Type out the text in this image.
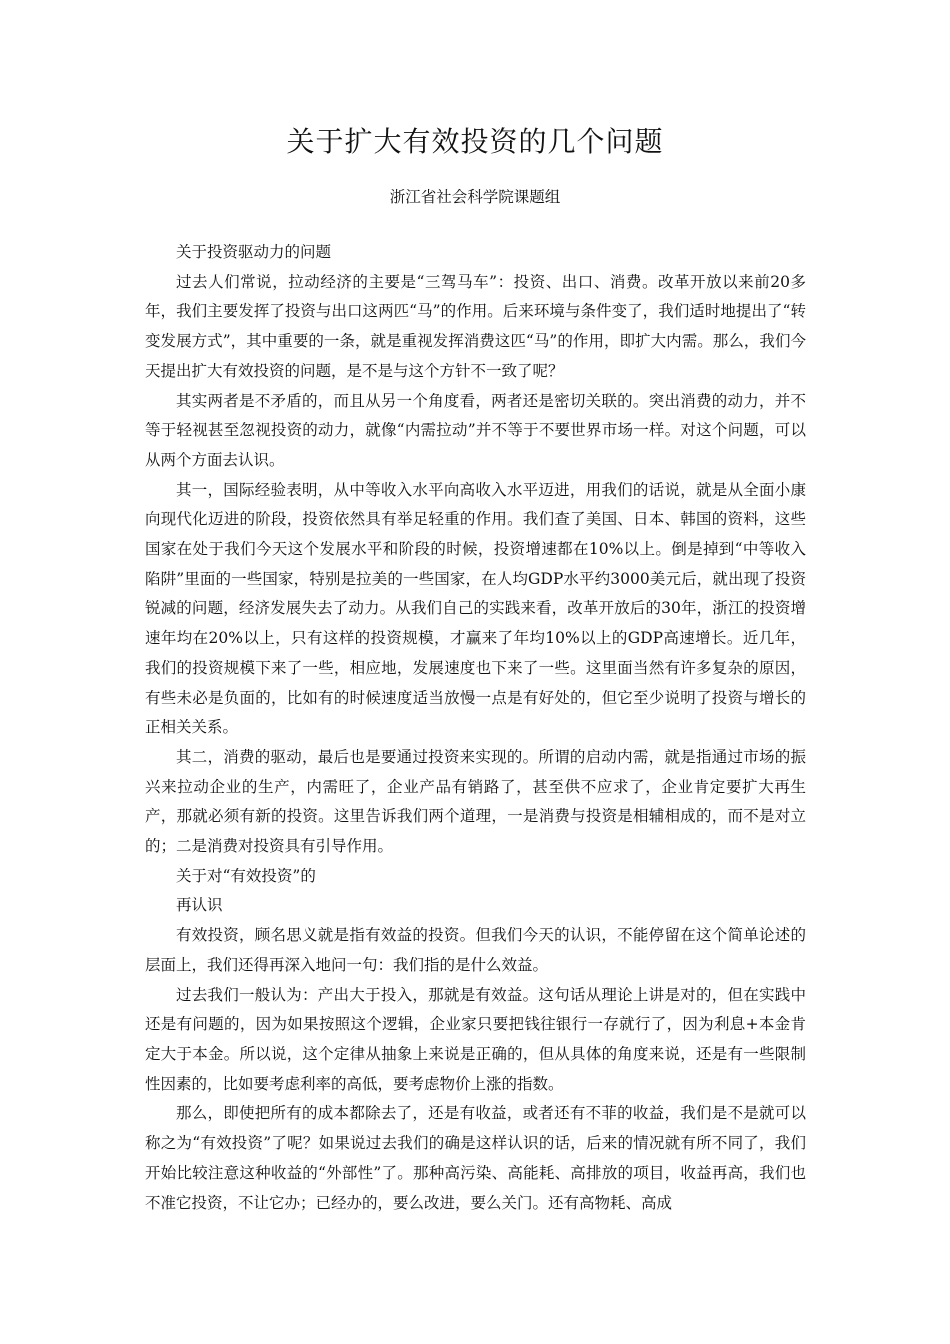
关于扩大有效投资的几个问题
浙江省社会科学院课题组

关于投资驱动力的问题

过去人们常说，拉动经济的主要是“三驾马车”：投资、出口、消费。改革开放以来前20多年，我们主要发挥了投资与出口这两匹“马”的作用。后来环境与条件变了，我们适时地提出了“转变发展方式”，其中重要的一条，就是重视发挥消费这匹“马”的作用，即扩大内需。那么，我们今天提出扩大有效投资的问题，是不是与这个方针不一致了呢？

其实两者是不矛盾的，而且从另一个角度看，两者还是密切关联的。突出消费的动力，并不等于轻视甚至忽视投资的动力，就像“内需拉动”并不等于不要世界市场一样。对这个问题，可以从两个方面去认识。

其一，国际经验表明，从中等收入水平向高收入水平迈进，用我们的话说，就是从全面小康向现代化迈进的阶段，投资依然具有举足轻重的作用。我们查了美国、日本、韩国的资料，这些国家在处于我们今天这个发展水平和阶段的时候，投资增速都在10%以上。倒是掉到“中等收入陷阱”里面的一些国家，特别是拉美的一些国家，在人均GDP水平约3000美元后，就出现了投资锐减的问题，经济发展失去了动力。从我们自己的实践来看，改革开放后的30年，浙江的投资增速年均在20%以上，只有这样的投资规模，才赢来了年均10%以上的GDP高速增长。近几年，我们的投资规模下来了一些，相应地，发展速度也下来了一些。这里面当然有许多复杂的原因，有些未必是负面的，比如有的时候速度适当放慢一点是有好处的，但它至少说明了投资与增长的正相关关系。

其二，消费的驱动，最后也是要通过投资来实现的。所谓的启动内需，就是指通过市场的振兴来拉动企业的生产，内需旺了，企业产品有销路了，甚至供不应求了，企业肯定要扩大再生产，那就必须有新的投资。这里告诉我们两个道理，一是消费与投资是相辅相成的，而不是对立的；二是消费对投资具有引导作用。

关于对“有效投资”的

再认识

有效投资，顾名思义就是指有效益的投资。但我们今天的认识，不能停留在这个简单论述的层面上，我们还得再深入地问一句：我们指的是什么效益。

过去我们一般认为：产出大于投入，那就是有效益。这句话从理论上讲是对的，但在实践中还是有问题的，因为如果按照这个逻辑，企业家只要把钱往银行一存就行了，因为利息+本金肯定大于本金。所以说，这个定律从抽象上来说是正确的，但从具体的角度来说，还是有一些限制性因素的，比如要考虑利率的高低，要考虑物价上涨的指数。

那么，即使把所有的成本都除去了，还是有收益，或者还有不菲的收益，我们是不是就可以称之为“有效投资”了呢？如果说过去我们的确是这样认识的话，后来的情况就有所不同了，我们开始比较注意这种收益的“外部性”了。那种高污染、高能耗、高排放的项目，收益再高，我们也不准它投资，不让它办；已经办的，要么改进，要么关门。还有高物耗、高成
